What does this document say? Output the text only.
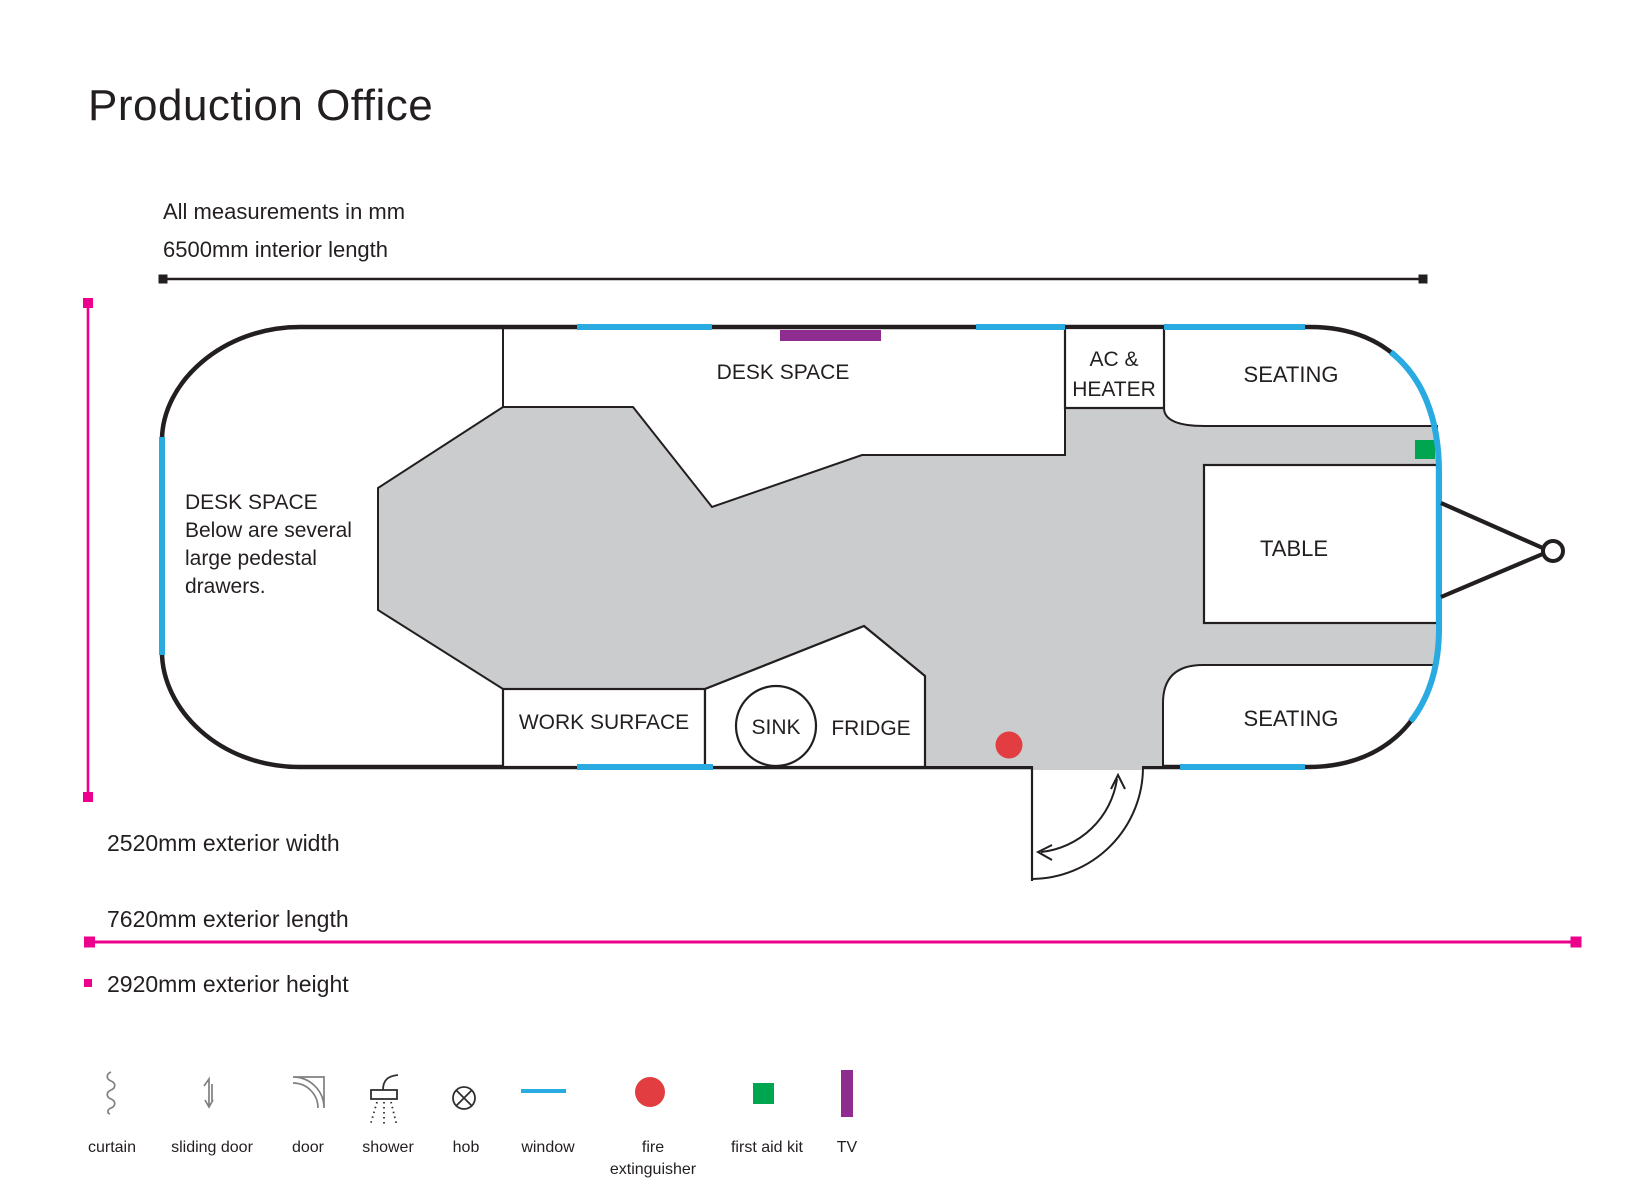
Production Office
All measurements in mm
6500mm interior length
DESK SPACE
DESK SPACE
Below are several
large pedestal
drawers.
AC &
HEATER
SEATING
TABLE
SEATING
WORK SURFACE	SINK FRIDGE
2520mm exterior width
7620mm exterior length
2920mm exterior height
curtain sliding door door shower hob	window	fire
extinguisher
first aid kit TV
